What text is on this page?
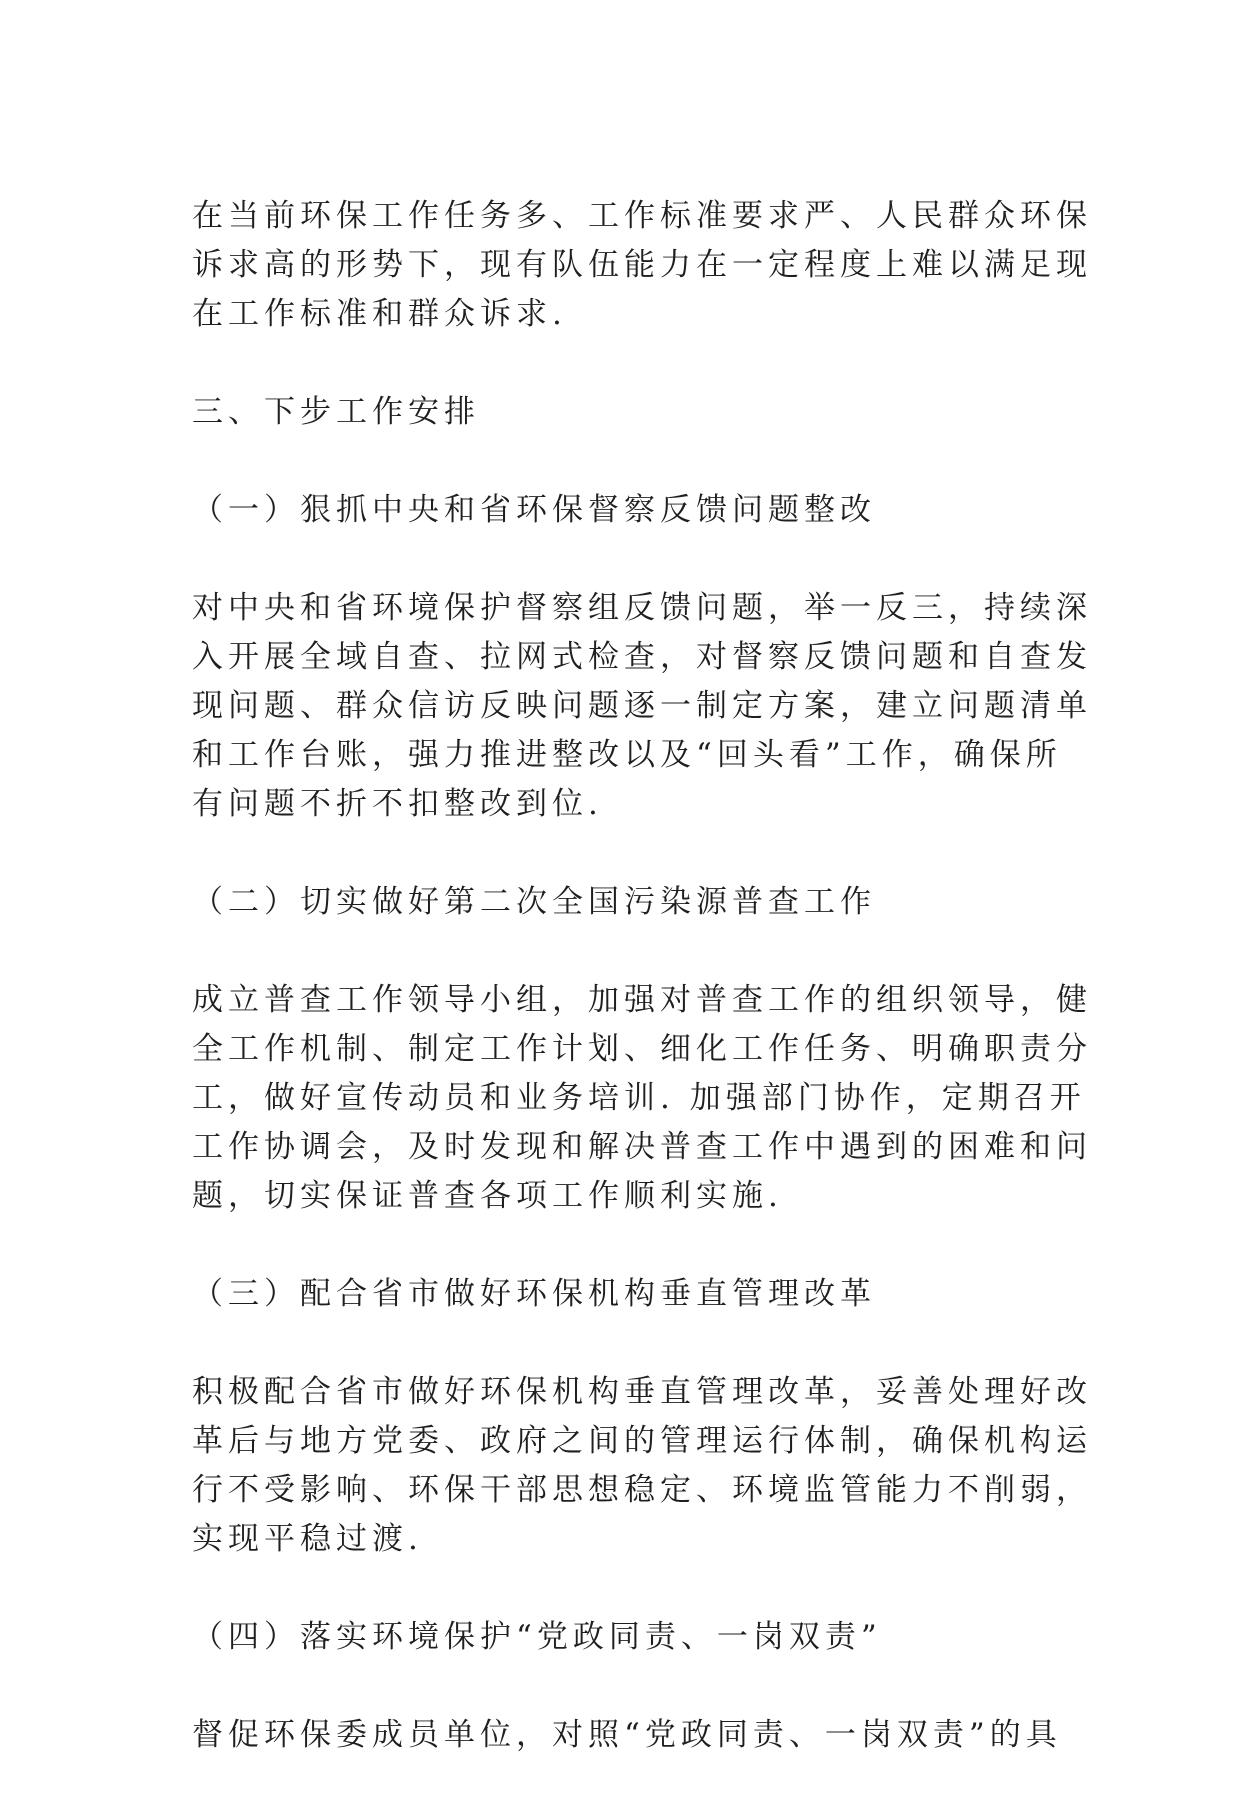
在当前环保工作任务多、工作标准要求严、人民群众环保
诉求高的形势下，现有队伍能力在一定程度上难以满足现
在工作标准和群众诉求.
三、下步工作安排
（一）狠抓中央和省环保督察反馈问题整改
对中央和省环境保护督察组反馈问题，举一反三，持续深
入开展全域自查、拉网式检查，对督察反馈问题和自查发
现问题、群众信访反映问题逐一制定方案，建立问题清单
和工作台账，强力推进整改以及“回头看”工作，确保所
有问题不折不扣整改到位.
（二）切实做好第二次全国污染源普查工作
成立普查工作领导小组，加强对普查工作的组织领导，健
全工作机制、制定工作计划、细化工作任务、明确职责分
工，做好宣传动员和业务培训. 加强部门协作，定期召开
工作协调会，及时发现和解决普查工作中遇到的困难和问
题，切实保证普查各项工作顺利实施.
（三）配合省市做好环保机构垂直管理改革
积极配合省市做好环保机构垂直管理改革，妥善处理好改
革后与地方党委、政府之间的管理运行体制，确保机构运
行不受影响、环保干部思想稳定、环境监管能力不削弱，
实现平稳过渡.
（四）落实环境保护“党政同责、一岗双责”
督促环保委成员单位，对照“党政同责、一岗双责”的具
